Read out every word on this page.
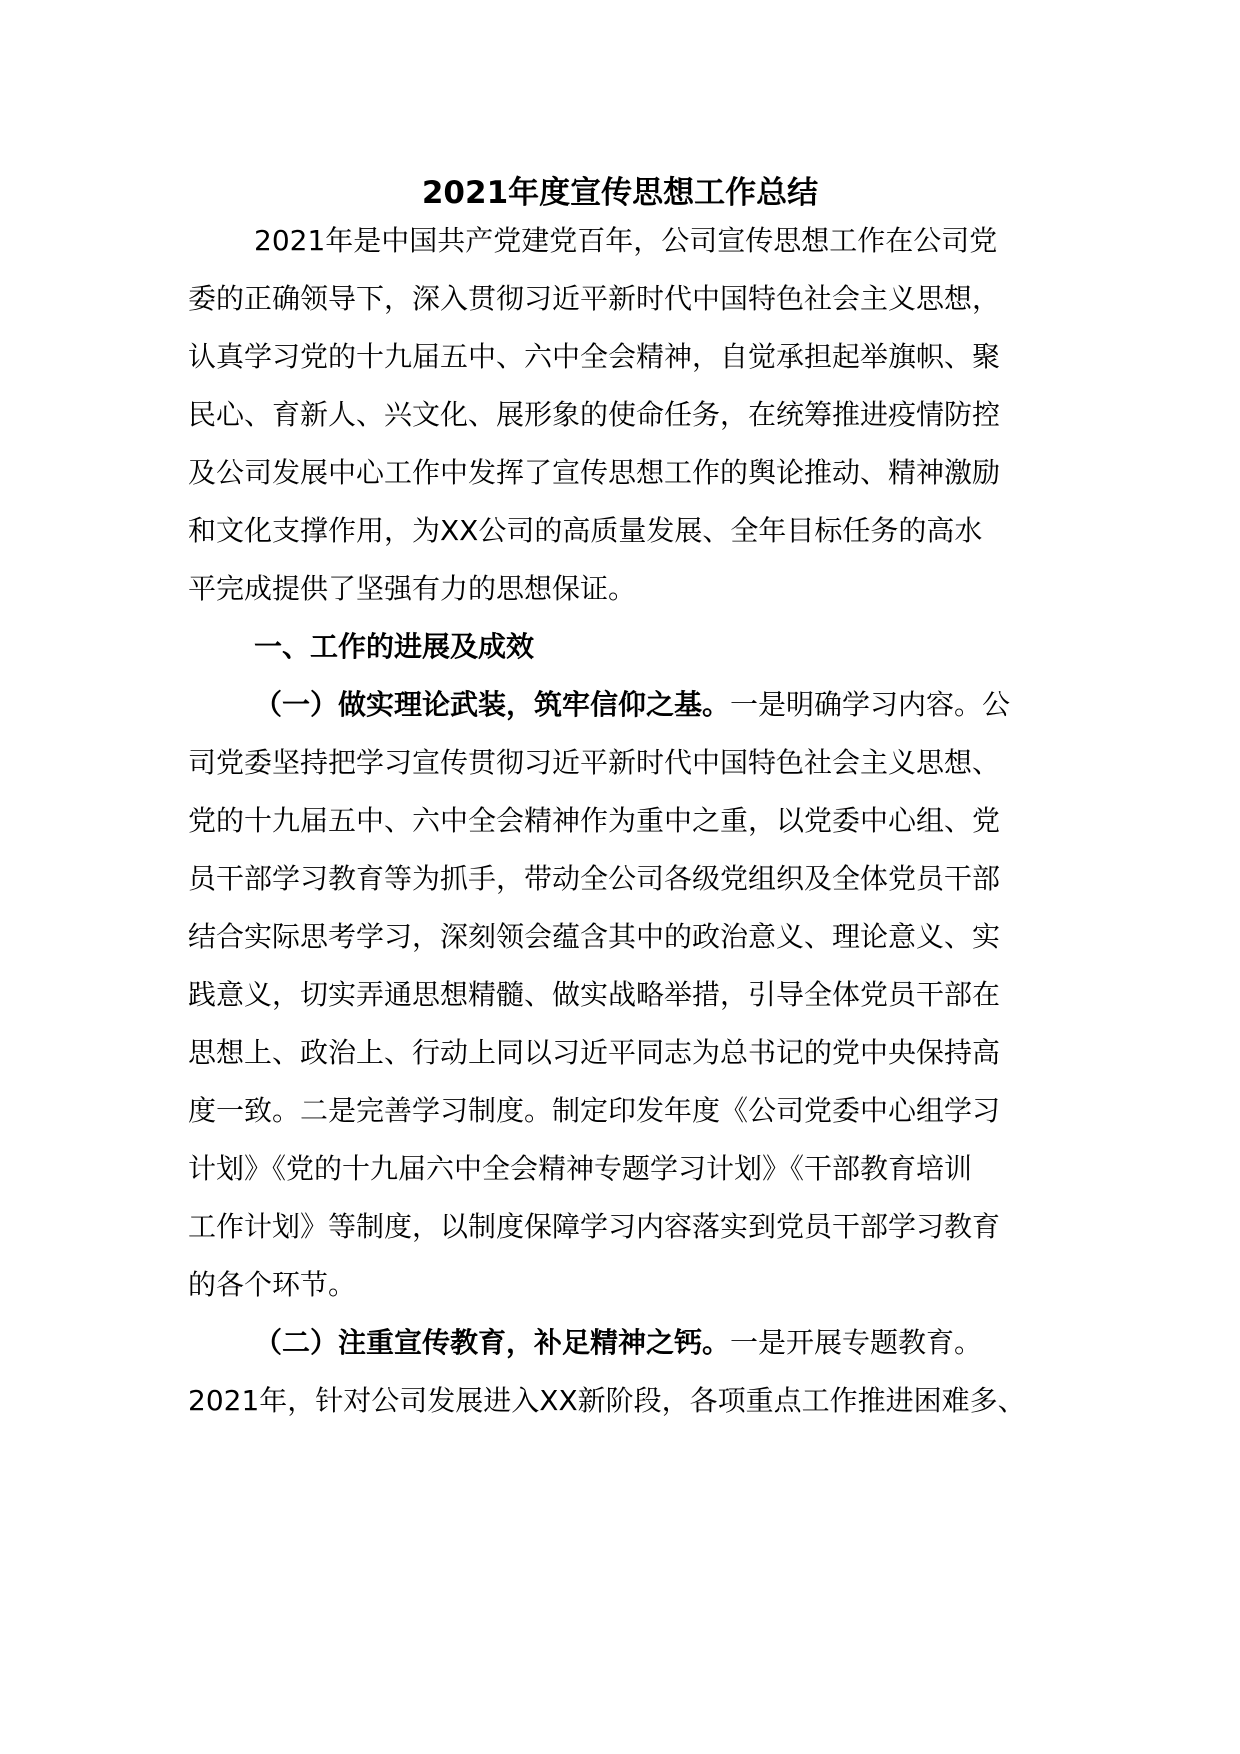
2021年度宣传思想工作总结

2021年是中国共产党建党百年，公司宣传思想工作在公司党

委的正确领导下，深入贯彻习近平新时代中国特色社会主义思想，

认真学习党的十九届五中、六中全会精神，自觉承担起举旗帜、聚

民心、育新人、兴文化、展形象的使命任务，在统筹推进疫情防控

及公司发展中心工作中发挥了宣传思想工作的舆论推动、精神激励

和文化支撑作用，为XX公司的高质量发展、全年目标任务的高水

平完成提供了坚强有力的思想保证。

一、工作的进展及成效

（一）做实理论武装，筑牢信仰之基。一是明确学习内容。公

司党委坚持把学习宣传贯彻习近平新时代中国特色社会主义思想、

党的十九届五中、六中全会精神作为重中之重，以党委中心组、党

员干部学习教育等为抓手，带动全公司各级党组织及全体党员干部

结合实际思考学习，深刻领会蕴含其中的政治意义、理论意义、实

践意义，切实弄通思想精髓、做实战略举措，引导全体党员干部在

思想上、政治上、行动上同以习近平同志为总书记的党中央保持高

度一致。二是完善学习制度。制定印发年度《公司党委中心组学习

计划》《党的十九届六中全会精神专题学习计划》《干部教育培训

工作计划》等制度，以制度保障学习内容落实到党员干部学习教育

的各个环节。

（二）注重宣传教育，补足精神之钙。一是开展专题教育。

2021年，针对公司发展进入XX新阶段，各项重点工作推进困难多、
